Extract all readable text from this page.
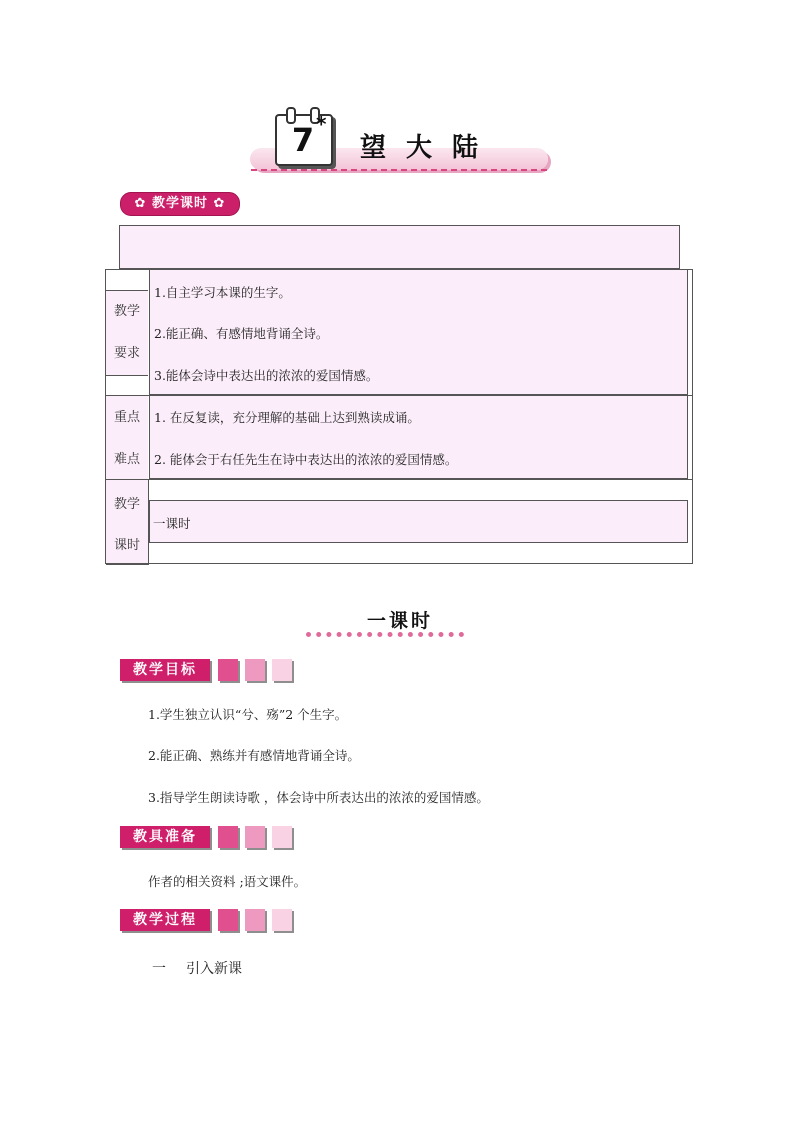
7 *
望大陆
✿ 教学课时 ✿
教学
要求
1.自主学习本课的生字。
2.能正确、有感情地背诵全诗。
3.能体会诗中表达出的浓浓的爱国情感。
重点
难点
1. 在反复读，充分理解的基础上达到熟读成诵。
2. 能体会于右任先生在诗中表达出的浓浓的爱国情感。
教学
课时
一课时
一课时
教学目标
1.学生独立认识“兮、殇”2 个生字。
2.能正确、熟练并有感情地背诵全诗。
3.指导学生朗读诗歌 ，体会诗中所表达出的浓浓的爱国情感。
教具准备
作者的相关资料 ;语文课件。
教学过程
一 引入新课
